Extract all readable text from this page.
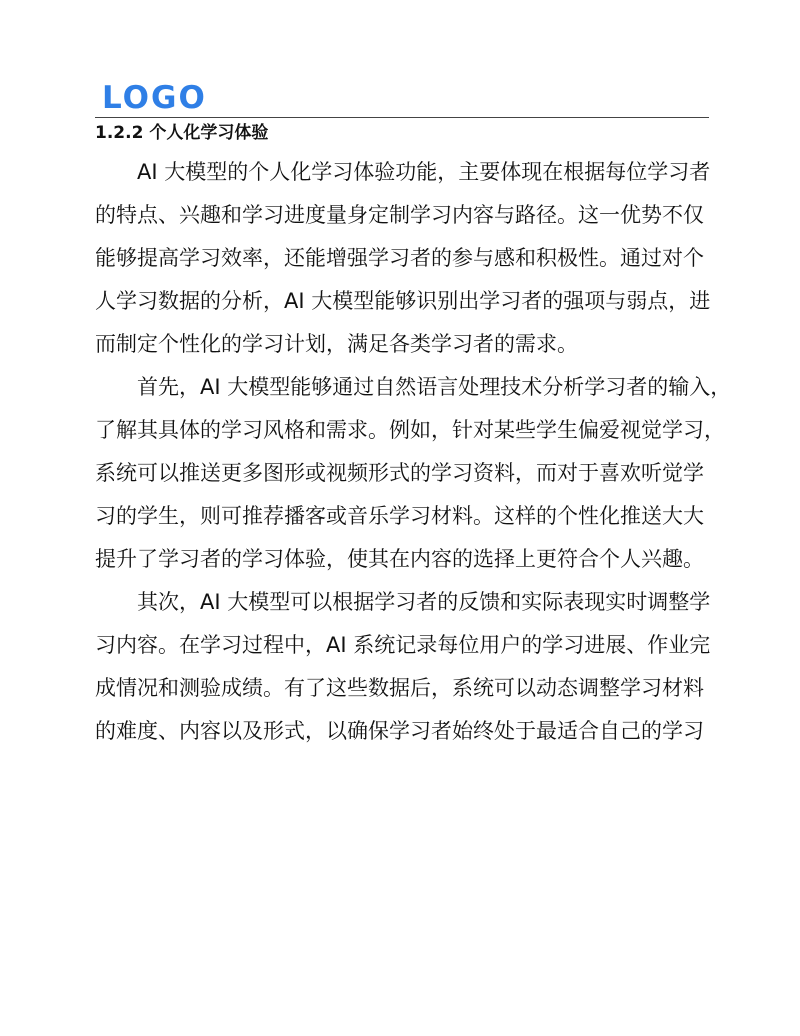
LOGO
1.2.2 个人化学习体验
AI 大模型的个人化学习体验功能，主要体现在根据每位学习者
的特点、兴趣和学习进度量身定制学习内容与路径。这一优势不仅
能够提高学习效率，还能增强学习者的参与感和积极性。通过对个
人学习数据的分析，AI 大模型能够识别出学习者的强项与弱点，进
而制定个性化的学习计划，满足各类学习者的需求。
首先，AI 大模型能够通过自然语言处理技术分析学习者的输入，
了解其具体的学习风格和需求。例如，针对某些学生偏爱视觉学习，
系统可以推送更多图形或视频形式的学习资料，而对于喜欢听觉学
习的学生，则可推荐播客或音乐学习材料。这样的个性化推送大大
提升了学习者的学习体验，使其在内容的选择上更符合个人兴趣。
其次，AI 大模型可以根据学习者的反馈和实际表现实时调整学
习内容。在学习过程中，AI 系统记录每位用户的学习进展、作业完
成情况和测验成绩。有了这些数据后，系统可以动态调整学习材料
的难度、内容以及形式，以确保学习者始终处于最适合自己的学习
